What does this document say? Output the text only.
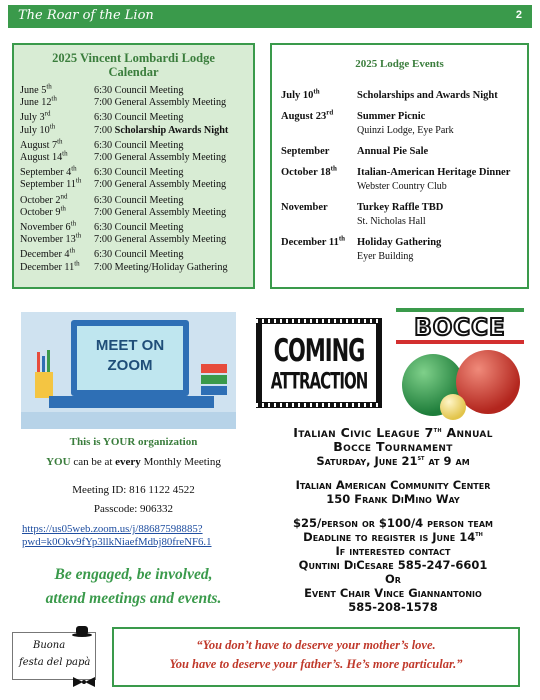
The Roar of the Lion	2
2025 Vincent Lombardi Lodge
Calendar
June 5th	6:30 Council Meeting
June 12th	7:00 General Assembly Meeting
July 3rd	6:30 Council Meeting
July 10th	7:00 Scholarship Awards Night
August 7th	6:30 Council Meeting
August 14th	7:00 General Assembly Meeting
September 4th	6:30 Council Meeting
September 11th	7:00 General Assembly Meeting
October 2nd	6:30 Council Meeting
October 9th	7:00 General Assembly Meeting
November 6th	6:30 Council Meeting
November 13th	7:00 General Assembly Meeting
December 4th	6:30 Council Meeting
December 11th	7:00 Meeting/Holiday Gathering
2025 Lodge Events
July 10th	Scholarships and Awards Night
August 23rd	Summer Picnic
Quinzi Lodge, Eye Park
September	Annual Pie Sale
October 18th	Italian-American Heritage Dinner
Webster Country Club
November	Turkey Raffle TBD
St. Nicholas Hall
December 11th	Holiday Gathering
Eyer Building
MEET ON
ZOOM
This is YOUR organization
YOU can be at every Monthly Meeting
Meeting ID: 816 1122 4522
Passcode: 906332
https://us05web.zoom.us/j/88687598885?
pwd=k0Okv9fYp3llkNiaefMdbj80freNF6.1
Be engaged, be involved,
attend meetings and events.
COMING
ATTRACTION
BOCCE
Italian Civic League 7th Annual
Bocce Tournament
Saturday, June 21st at 9 am
Italian American Community Center
150 Frank DiMino Way
$25/person or $100/4 person team
Deadline to register is June 14th
If interested contact
Quntini DiCesare 585-247-6601
Or
Event Chair Vince Giannantonio
585-208-1578
Buona
festa del papà
“You don’t have to deserve your mother’s love.
You have to deserve your father’s. He’s more particular.”
